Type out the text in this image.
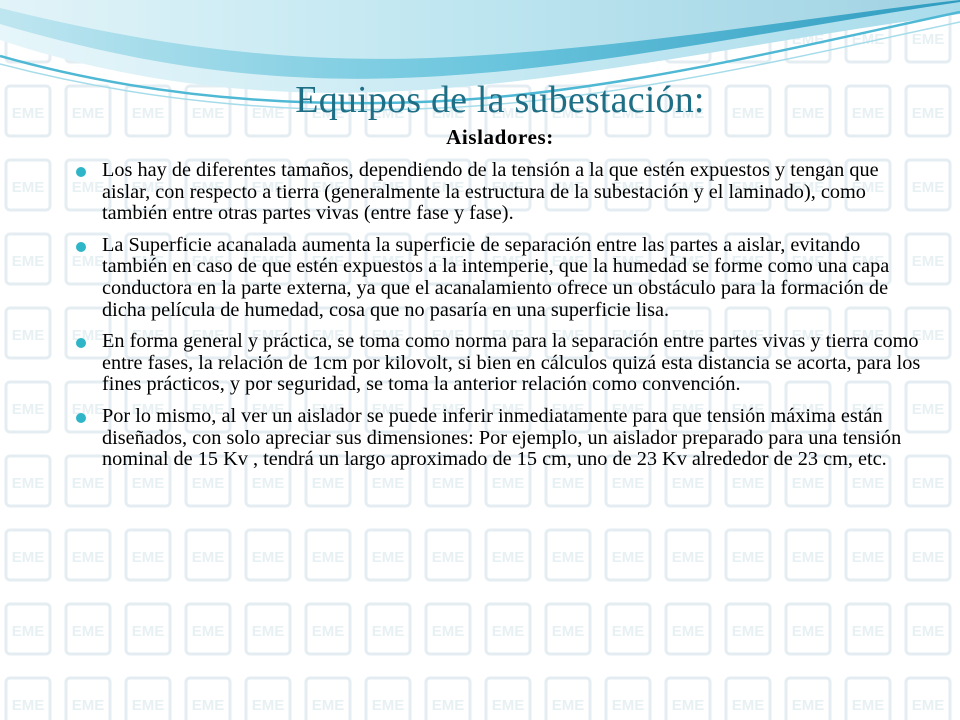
Equipos de la subestación:
Aisladores:
Los hay de diferentes tamaños, dependiendo de la tensión a la que estén expuestos y tengan que aislar, con respecto a tierra (generalmente la estructura de la subestación y el laminado), como también entre otras partes vivas (entre fase y fase).
La Superficie acanalada aumenta la superficie de separación entre las partes a aislar, evitando también en caso de que estén expuestos a la intemperie, que la humedad se forme como una capa conductora en la parte externa, ya que el acanalamiento ofrece un obstáculo para la formación de dicha película de humedad, cosa que no pasaría en una superficie lisa.
En forma general y práctica, se toma como norma para la separación entre partes vivas y tierra como entre fases, la relación de 1cm por kilovolt, si bien en cálculos quizá esta distancia se acorta, para los fines prácticos, y por seguridad, se toma la anterior relación como convención.
Por lo mismo, al ver un aislador se puede inferir inmediatamente para que tensión máxima están diseñados, con solo apreciar sus dimensiones: Por ejemplo, un aislador preparado para una tensión nominal de 15 Kv , tendrá un largo aproximado de 15 cm, uno de 23 Kv alrededor de 23 cm, etc.
